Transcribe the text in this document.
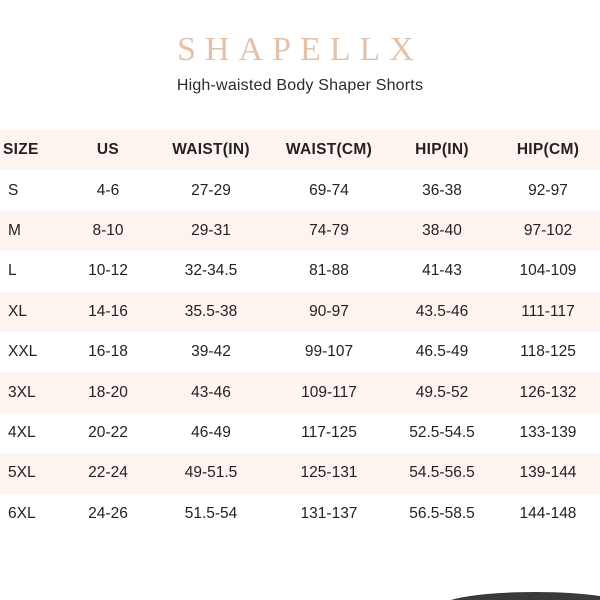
SHAPELLX
High-waisted Body Shaper Shorts
SIZE	US	WAIST(IN)	WAIST(CM)	HIP(IN)	HIP(CM)
S	4-6	27-29	69-74	36-38	92-97
M	8-10	29-31	74-79	38-40	97-102
L	10-12	32-34.5	81-88	41-43	104-109
XL	14-16	35.5-38	90-97	43.5-46	111-117
XXL	16-18	39-42	99-107	46.5-49	118-125
3XL	18-20	43-46	109-117	49.5-52	126-132
4XL	20-22	46-49	117-125	52.5-54.5	133-139
5XL	22-24	49-51.5	125-131	54.5-56.5	139-144
6XL	24-26	51.5-54	131-137	56.5-58.5	144-148
